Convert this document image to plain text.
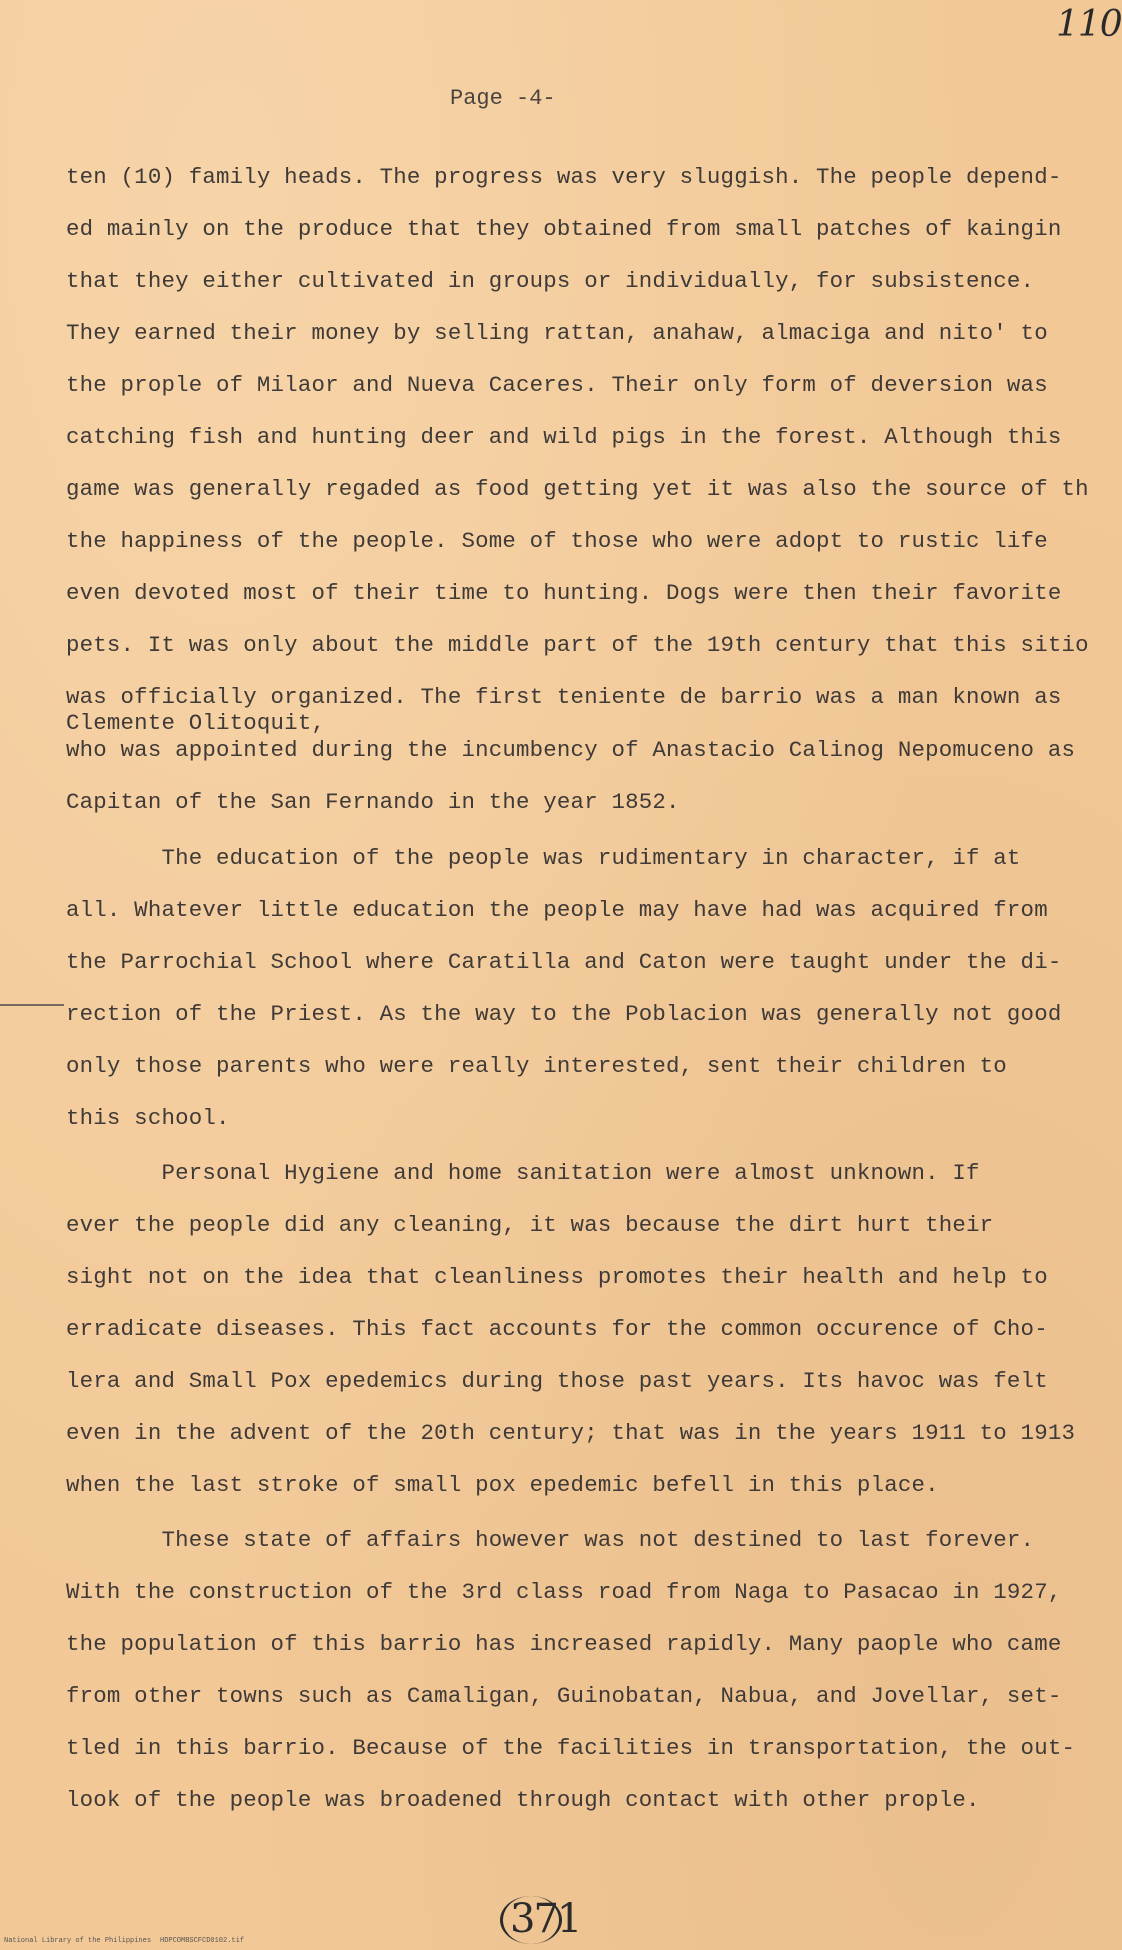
110
Page -4-
ten (10) family heads. The progress was very sluggish. The people depend-
ed mainly on the produce that they obtained from small patches of kaingin
that they either cultivated in groups or individually, for subsistence.
They earned their money by selling rattan, anahaw, almaciga and nito' to
the prople of Milaor and Nueva Caceres. Their only form of deversion was
catching fish and hunting deer and wild pigs in the forest. Although this
game was generally regaded as food getting yet it was also the source of th
the happiness of the people. Some of those who were adopt to rustic life
even devoted most of their time to hunting. Dogs were then their favorite
pets. It was only about the middle part of the 19th century that this sitio
was officially organized. The first teniente de barrio was a man known as
Clemente Olitoquit,
who was appointed during the incumbency of Anastacio Calinog Nepomuceno as
Capitan of the San Fernando in the year 1852.
The education of the people was rudimentary in character, if at
all. Whatever little education the people may have had was acquired from
the Parrochial School where Caratilla and Caton were taught under the di-
rection of the Priest. As the way to the Poblacion was generally not good
only those parents who were really interested, sent their children to
this school.
Personal Hygiene and home sanitation were almost unknown. If
ever the people did any cleaning, it was because the dirt hurt their
sight not on the idea that cleanliness promotes their health and help to
erradicate diseases. This fact accounts for the common occurence of Cho-
lera and Small Pox epedemics during those past years. Its havoc was felt
even in the advent of the 20th century; that was in the years 1911 to 1913
when the last stroke of small pox epedemic befell in this place.
These state of affairs however was not destined to last forever.
With the construction of the 3rd class road from Naga to Pasacao in 1927,
the population of this barrio has increased rapidly. Many paople who came
from other towns such as Camaligan, Guinobatan, Nabua, and Jovellar, set-
tled in this barrio. Because of the facilities in transportation, the out-
look of the people was broadened through contact with other prople.
371
National Library of the Philippines HDPCOMBSCFCD0102.tif
